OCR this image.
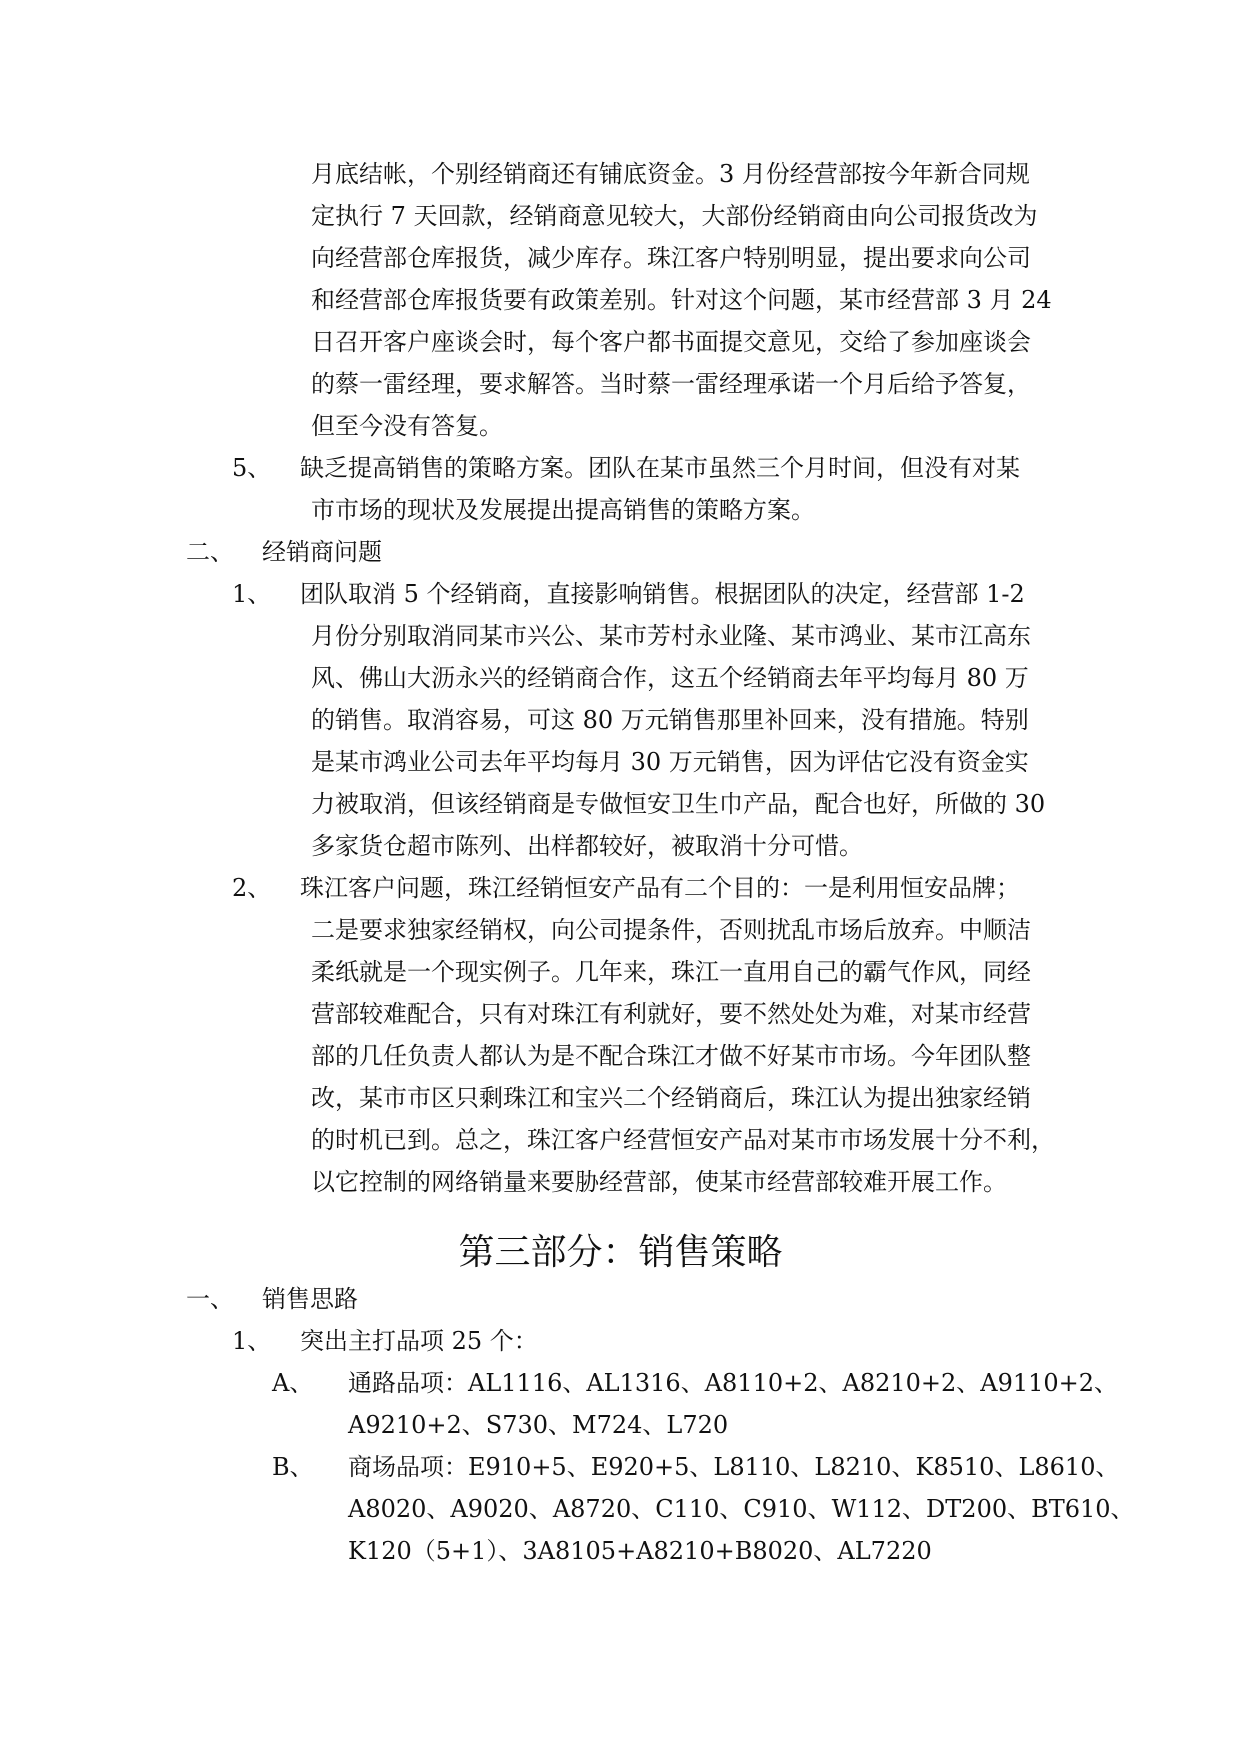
月底结帐，个别经销商还有铺底资金。3 月份经营部按今年新合同规
定执行 7 天回款，经销商意见较大，大部份经销商由向公司报货改为
向经营部仓库报货，减少库存。珠江客户特别明显，提出要求向公司
和经营部仓库报货要有政策差别。针对这个问题，某市经营部 3 月 24
日召开客户座谈会时，每个客户都书面提交意见，交给了参加座谈会
的蔡一雷经理，要求解答。当时蔡一雷经理承诺一个月后给予答复，
但至今没有答复。
5、 缺乏提高销售的策略方案。团队在某市虽然三个月时间，但没有对某
市市场的现状及发展提出提高销售的策略方案。
二、 经销商问题
1、 团队取消 5 个经销商，直接影响销售。根据团队的决定，经营部 1-2
月份分别取消同某市兴公、某市芳村永业隆、某市鸿业、某市江高东
风、佛山大沥永兴的经销商合作，这五个经销商去年平均每月 80 万
的销售。取消容易，可这 80 万元销售那里补回来，没有措施。特别
是某市鸿业公司去年平均每月 30 万元销售，因为评估它没有资金实
力被取消，但该经销商是专做恒安卫生巾产品，配合也好，所做的 30
多家货仓超市陈列、出样都较好，被取消十分可惜。
2、 珠江客户问题，珠江经销恒安产品有二个目的：一是利用恒安品牌；
二是要求独家经销权，向公司提条件，否则扰乱市场后放弃。中顺洁
柔纸就是一个现实例子。几年来，珠江一直用自己的霸气作风，同经
营部较难配合，只有对珠江有利就好，要不然处处为难，对某市经营
部的几任负责人都认为是不配合珠江才做不好某市市场。今年团队整
改，某市市区只剩珠江和宝兴二个经销商后，珠江认为提出独家经销
的时机已到。总之，珠江客户经营恒安产品对某市市场发展十分不利，
以它控制的网络销量来要胁经营部，使某市经营部较难开展工作。
第三部分：销售策略
一、 销售思路
1、 突出主打品项 25 个：
A、 通路品项：AL1116、AL1316、A8110+2、A8210+2、A9110+2、
A9210+2、S730、M724、L720
B、 商场品项：E910+5、E920+5、L8110、L8210、K8510、L8610、
A8020、A9020、A8720、C110、C910、W112、DT200、BT610、
K120（5+1）、3A8105+A8210+B8020、AL7220
